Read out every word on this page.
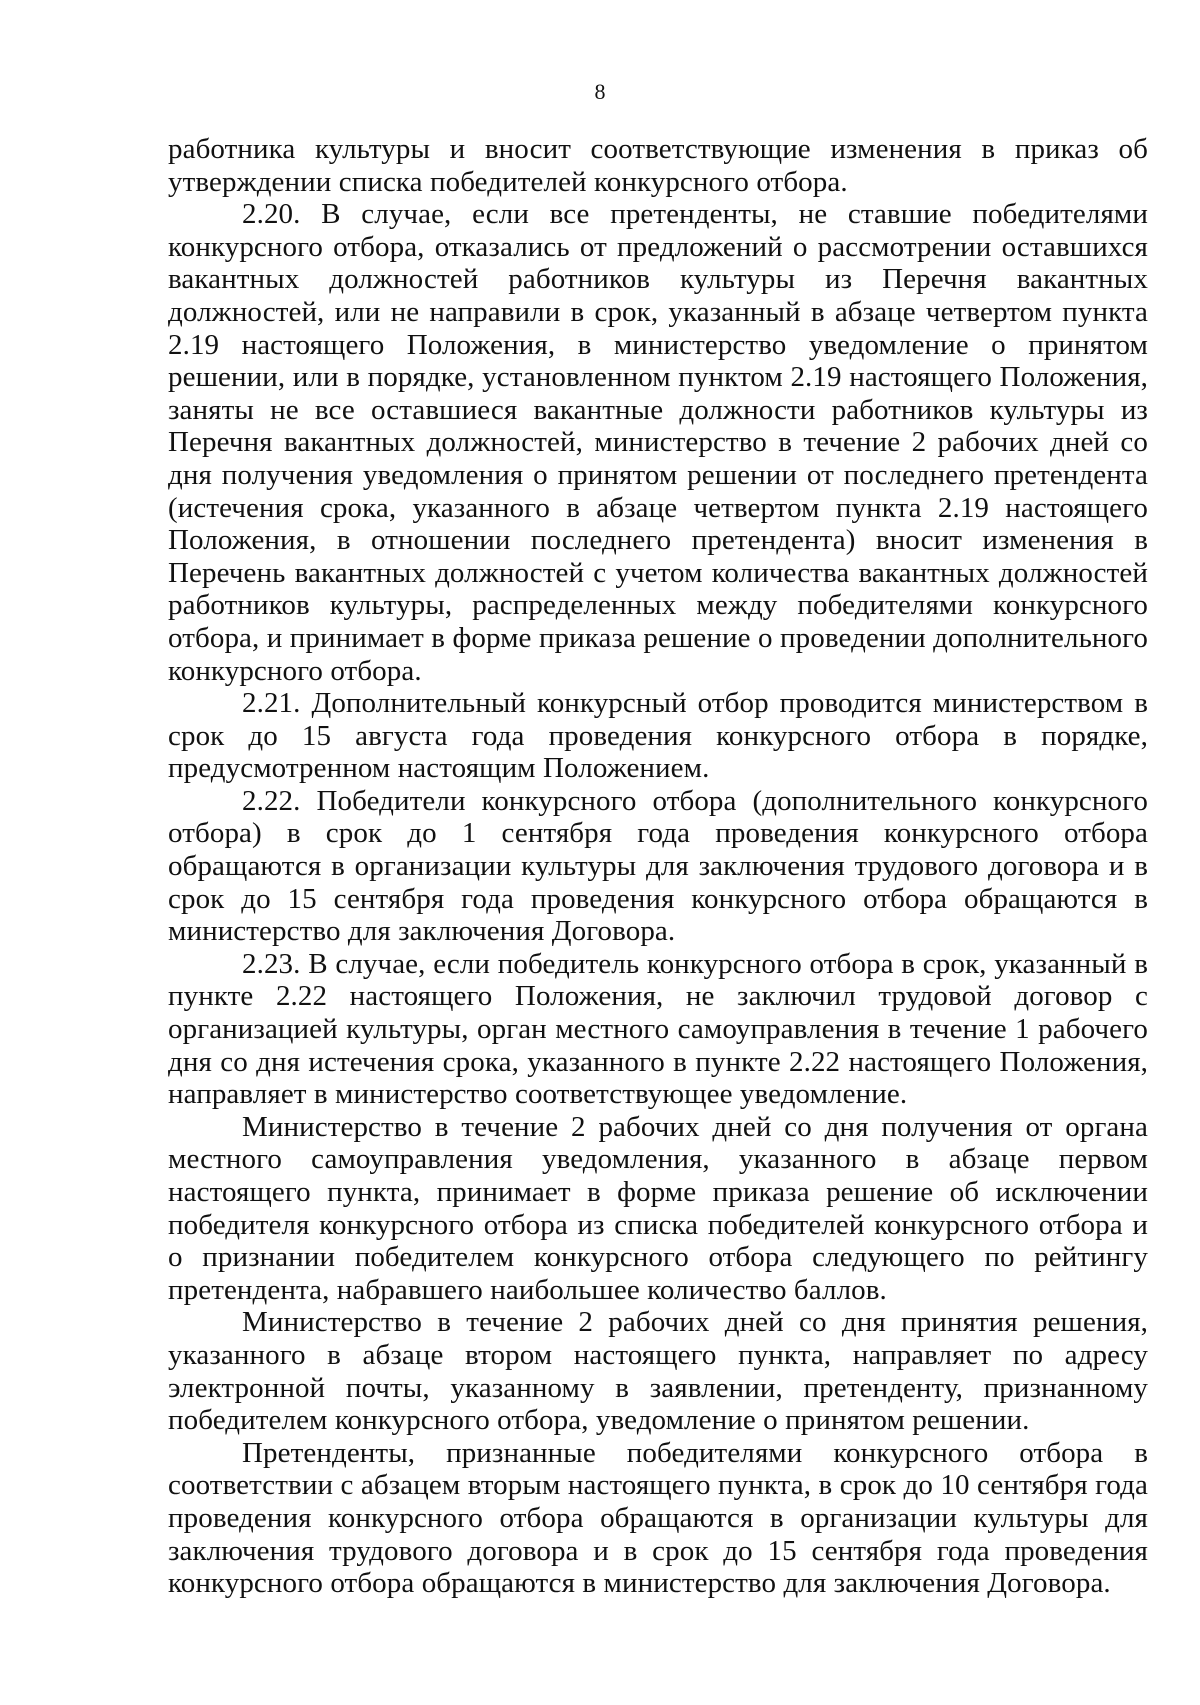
8

работника культуры и вносит соответствующие изменения в приказ об утверждении списка победителей конкурсного отбора.

2.20. В случае, если все претенденты, не ставшие победителями конкурсного отбора, отказались от предложений о рассмотрении оставшихся вакантных должностей работников культуры из Перечня вакантных должностей, или не направили в срок, указанный в абзаце четвертом пункта 2.19 настоящего Положения, в министерство уведомление о принятом решении, или в порядке, установленном пунктом 2.19 настоящего Положения, заняты не все оставшиеся вакантные должности работников культуры из Перечня вакантных должностей, министерство в течение 2 рабочих дней со дня получения уведомления о принятом решении от последнего претендента (истечения срока, указанного в абзаце четвертом пункта 2.19 настоящего Положения, в отношении последнего претендента) вносит изменения в Перечень вакантных должностей с учетом количества вакантных должностей работников культуры, распределенных между победителями конкурсного отбора, и принимает в форме приказа решение о проведении дополнительного конкурсного отбора.

2.21. Дополнительный конкурсный отбор проводится министерством в срок до 15 августа года проведения конкурсного отбора в порядке, предусмотренном настоящим Положением.

2.22. Победители конкурсного отбора (дополнительного конкурсного отбора) в срок до 1 сентября года проведения конкурсного отбора обращаются в организации культуры для заключения трудового договора и в срок до 15 сентября года проведения конкурсного отбора обращаются в министерство для заключения Договора.

2.23. В случае, если победитель конкурсного отбора в срок, указанный в пункте 2.22 настоящего Положения, не заключил трудовой договор с организацией культуры, орган местного самоуправления в течение 1 рабочего дня со дня истечения срока, указанного в пункте 2.22 настоящего Положения, направляет в министерство соответствующее уведомление.

Министерство в течение 2 рабочих дней со дня получения от органа местного самоуправления уведомления, указанного в абзаце первом настоящего пункта, принимает в форме приказа решение об исключении победителя конкурсного отбора из списка победителей конкурсного отбора и о признании победителем конкурсного отбора следующего по рейтингу претендента, набравшего наибольшее количество баллов.

Министерство в течение 2 рабочих дней со дня принятия решения, указанного в абзаце втором настоящего пункта, направляет по адресу электронной почты, указанному в заявлении, претенденту, признанному победителем конкурсного отбора, уведомление о принятом решении.

Претенденты, признанные победителями конкурсного отбора в соответствии с абзацем вторым настоящего пункта, в срок до 10 сентября года проведения конкурсного отбора обращаются в организации культуры для заключения трудового договора и в срок до 15 сентября года проведения конкурсного отбора обращаются в министерство для заключения Договора.
